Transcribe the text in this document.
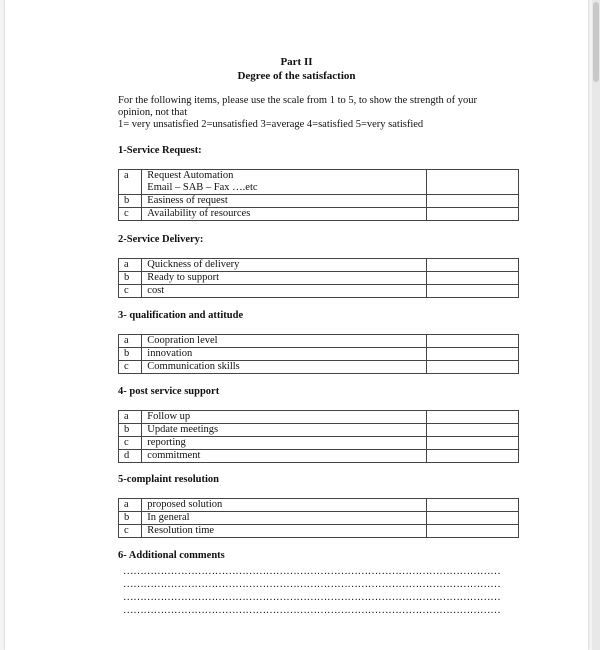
Part II
Degree of the satisfaction
For the following items, please use the scale from 1 to 5, to show the strength of your
opinion, not that
1= very unsatisfied 2=unsatisfied 3=average 4=satisfied 5=very satisfied
1-Service Request:
a	Request Automation
Email – SAB – Fax ….etc	

b	Easiness of request	
c	Availability of resources	
2-Service Delivery:
a	Quickness of delivery	
b	Ready to support	
c	cost	
3- qualification and attitude
a	Coopration level	
b	innovation	
c	Communication skills	
4- post service support
a	Follow up	
b	Update meetings	
c	reporting	
d	commitment	
5-complaint resolution
a	proposed solution	
b	In general	
c	Resolution time	
6- Additional comments
…………………………………………………………………………………………………
…………………………………………………………………………………………………
…………………………………………………………………………………………………
…………………………………………………………………………………………………
